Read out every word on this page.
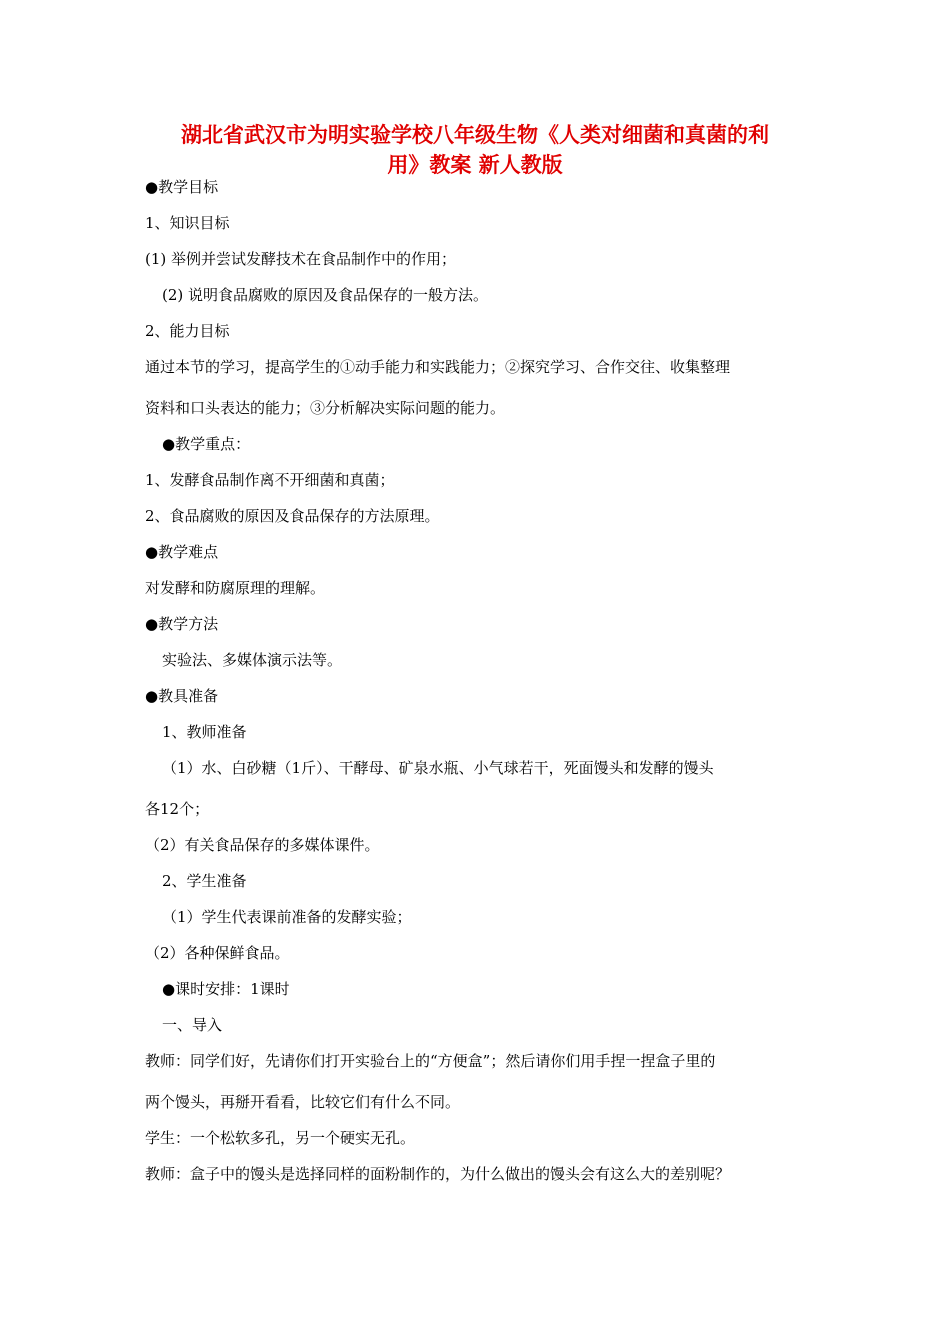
湖北省武汉市为明实验学校八年级生物《人类对细菌和真菌的利
用》教案 新人教版
●教学目标
1、知识目标
(1) 举例并尝试发酵技术在食品制作中的作用；
(2) 说明食品腐败的原因及食品保存的一般方法。
2、能力目标
通过本节的学习，提高学生的①动手能力和实践能力；②探究学习、合作交往、收集整理
资料和口头表达的能力；③分析解决实际问题的能力。
●教学重点：
1、发酵食品制作离不开细菌和真菌；
2、食品腐败的原因及食品保存的方法原理。
●教学难点
对发酵和防腐原理的理解。
●教学方法
实验法、多媒体演示法等。
●教具准备
1、教师准备
（1）水、白砂糖（1斤）、干酵母、矿泉水瓶、小气球若干，死面馒头和发酵的馒头
各12个；
（2）有关食品保存的多媒体课件。
2、学生准备
（1）学生代表课前准备的发酵实验；
（2）各种保鲜食品。
●课时安排：1课时
一、导入
教师：同学们好，先请你们打开实验台上的“方便盒”；然后请你们用手捏一捏盒子里的
两个馒头，再掰开看看，比较它们有什么不同。
学生：一个松软多孔，另一个硬实无孔。
教师：盒子中的馒头是选择同样的面粉制作的，为什么做出的馒头会有这么大的差别呢？
